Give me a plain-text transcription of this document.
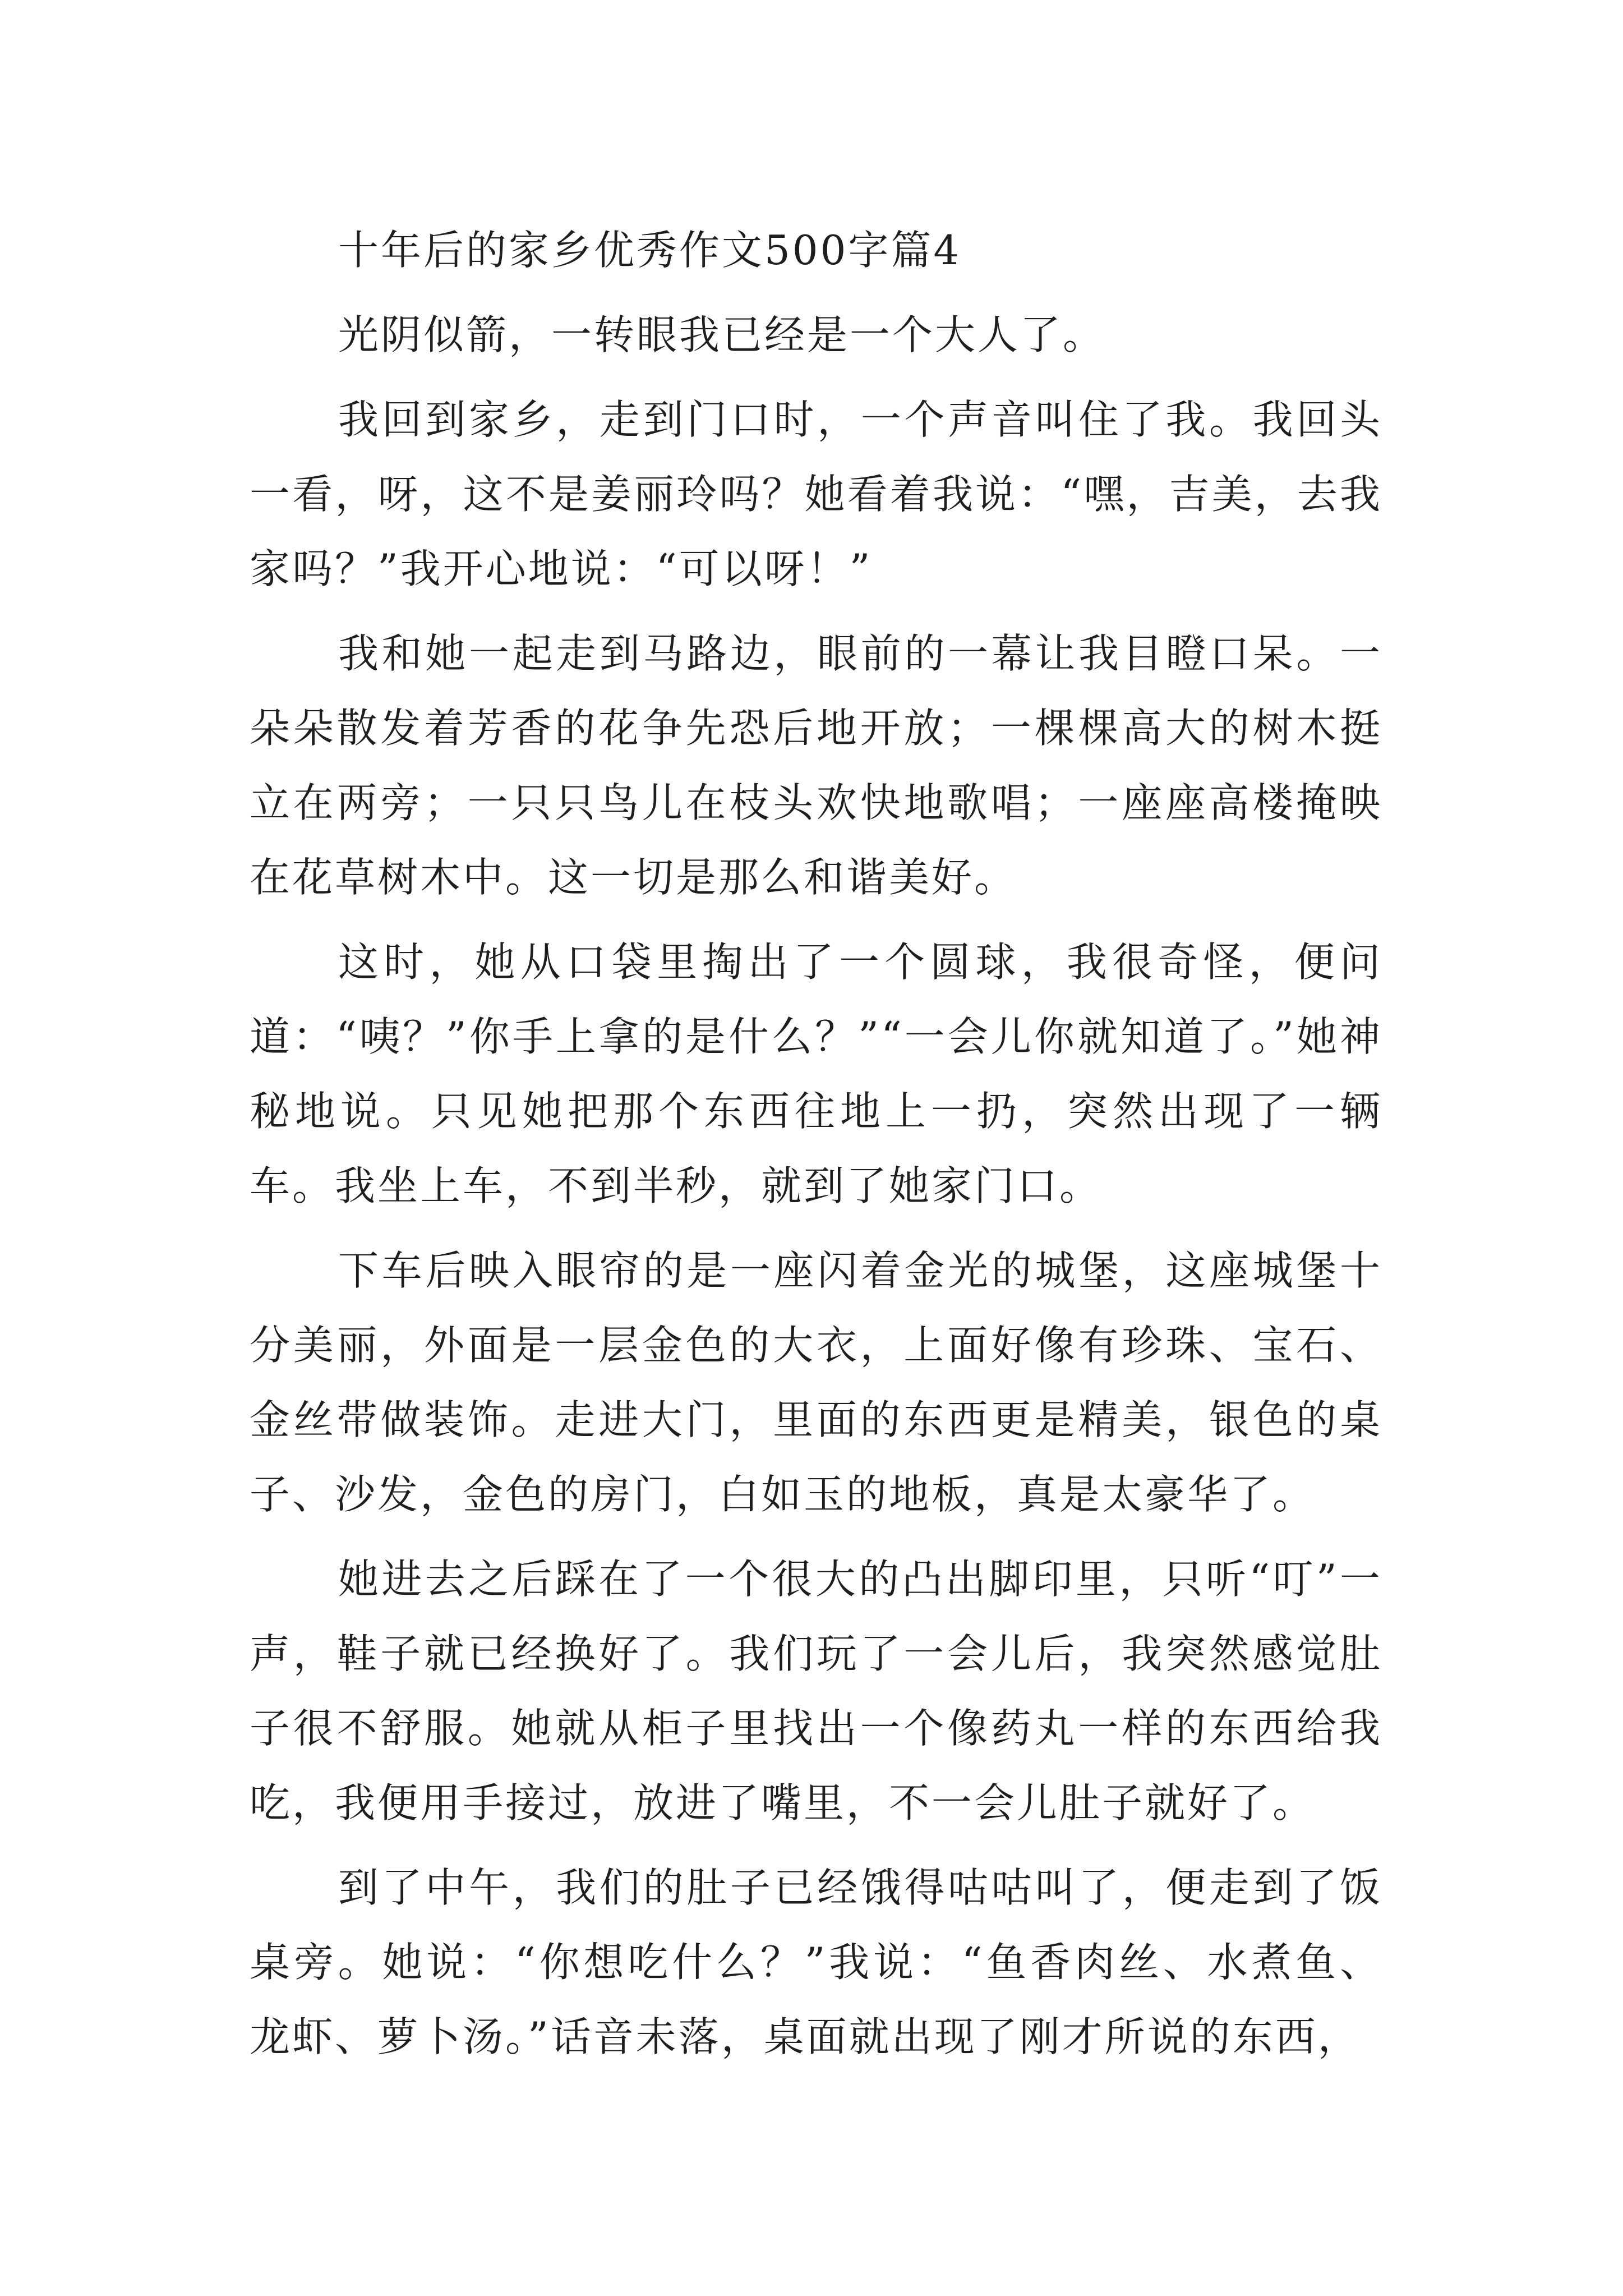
十年后的家乡优秀作文500字篇4

光阴似箭，一转眼我已经是一个大人了。

我回到家乡，走到门口时，一个声音叫住了我。我回头一看，呀，这不是姜丽玲吗？她看着我说：“嘿，吉美，去我家吗？”我开心地说：“可以呀！”

我和她一起走到马路边，眼前的一幕让我目瞪口呆。一朵朵散发着芳香的花争先恐后地开放；一棵棵高大的树木挺立在两旁；一只只鸟儿在枝头欢快地歌唱；一座座高楼掩映在花草树木中。这一切是那么和谐美好。

这时，她从口袋里掏出了一个圆球，我很奇怪，便问道：“咦？”你手上拿的是什么？”“一会儿你就知道了。”她神秘地说。只见她把那个东西往地上一扔，突然出现了一辆车。我坐上车，不到半秒，就到了她家门口。

下车后映入眼帘的是一座闪着金光的城堡，这座城堡十分美丽，外面是一层金色的大衣，上面好像有珍珠、宝石、金丝带做装饰。走进大门，里面的东西更是精美，银色的桌子、沙发，金色的房门，白如玉的地板，真是太豪华了。

她进去之后踩在了一个很大的凸出脚印里，只听“叮”一声，鞋子就已经换好了。我们玩了一会儿后，我突然感觉肚子很不舒服。她就从柜子里找出一个像药丸一样的东西给我吃，我便用手接过，放进了嘴里，不一会儿肚子就好了。

到了中午，我们的肚子已经饿得咕咕叫了，便走到了饭桌旁。她说：“你想吃什么？”我说：“鱼香肉丝、水煮鱼、龙虾、萝卜汤。”话音未落，桌面就出现了刚才所说的东西，
